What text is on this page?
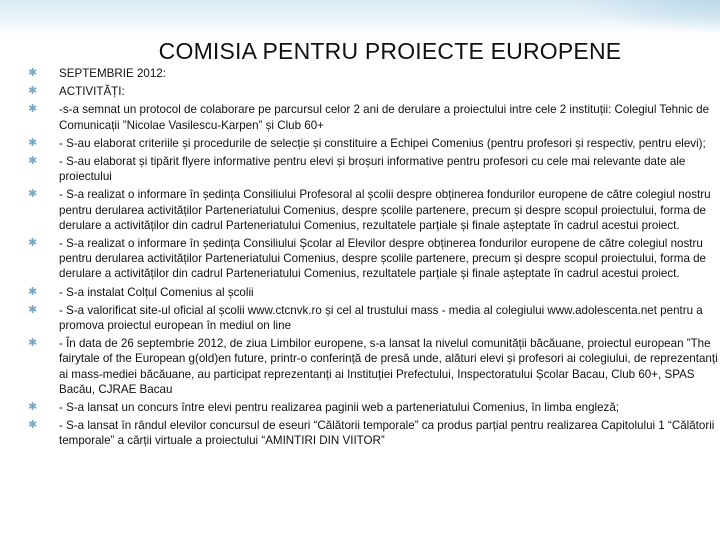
COMISIA PENTRU PROIECTE EUROPENE
✱ SEPTEMBRIE 2012:
✱ ACTIVITĂȚI:
✱ -s-a semnat un protocol de colaborare pe parcursul celor 2 ani de derulare a proiectului intre cele 2 instituții: Colegiul Tehnic de Comunicații ”Nicolae Vasilescu-Karpen” și Club 60+
✱ - S-au elaborat criteriile și procedurile de selecție și constituire a Echipei Comenius (pentru profesori și respectiv, pentru elevi);
✱ - S-au elaborat și tipărit flyere informative pentru elevi și broșuri informative pentru profesori cu cele mai relevante date ale proiectului
✱ - S-a realizat o informare în ședința Consiliului Profesoral al școlii despre obținerea fondurilor europene de către colegiul nostru pentru derularea activităților Parteneriatului Comenius, despre școlile partenere, precum și despre scopul proiectului, forma de derulare a activităților din cadrul Parteneriatului Comenius, rezultatele parțiale și finale așteptate în cadrul acestui proiect.
✱ - S-a realizat o informare în ședința Consiliului Școlar al Elevilor despre obținerea fondurilor europene de către colegiul nostru pentru derularea activităților Parteneriatului Comenius, despre școlile partenere, precum și despre scopul proiectului, forma de derulare a activităților din cadrul Parteneriatului Comenius, rezultatele parțiale și finale așteptate în cadrul acestui proiect.
✱ - S-a instalat Colțul Comenius al școlii
✱ - S-a valorificat site-ul oficial al școlii www.ctcnvk.ro și cel al trustului mass - media al colegiului www.adolescenta.net pentru a promova proiectul european în mediul on line
✱ - În data de 26 septembrie 2012, de ziua Limbilor europene, s-a lansat la nivelul comunității băcăuane, proiectul european ”The fairytale of the European g(old)en future, printr-o conferință de presă unde, alături elevi și profesori ai colegiului, de reprezentanți ai mass-mediei băcăuane, au participat reprezentanți ai Instituției Prefectului, Inspectoratului Școlar Bacau, Club 60+, SPAS Bacău, CJRAE Bacau
✱ - S-a lansat un concurs între elevi pentru realizarea paginii web a parteneriatului Comenius, în limba engleză;
✱ - S-a lansat în rândul elevilor concursul de eseuri “Călătorii temporale” ca produs parțial pentru realizarea Capitolului 1 “Călătorii temporale” a cărții virtuale a proiectului “AMINTIRI DIN VIITOR”
